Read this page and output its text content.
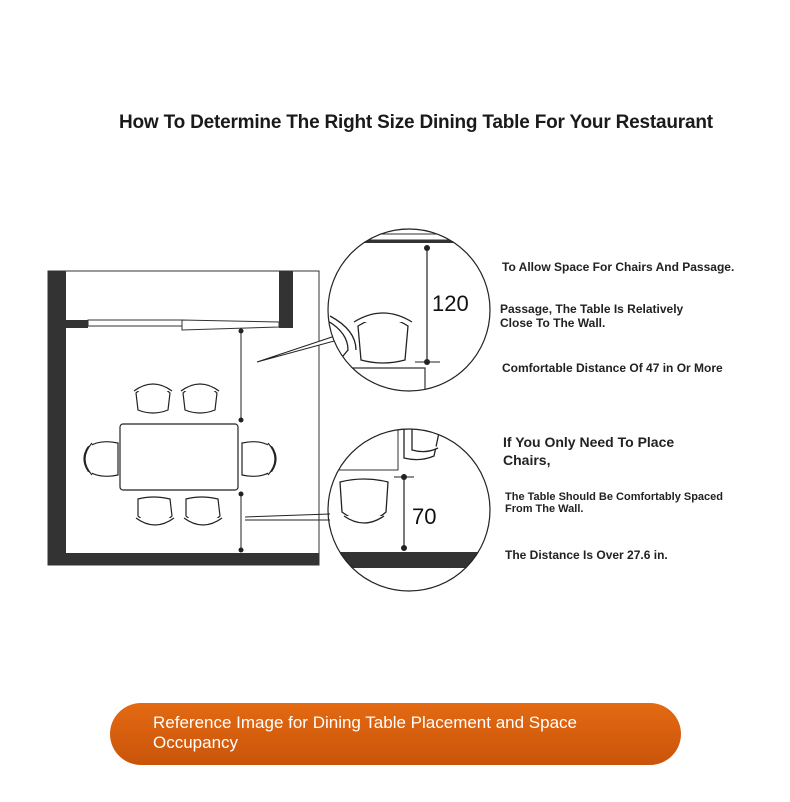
How To Determine The Right Size Dining Table For Your Restaurant
120
70
To Allow Space For Chairs And Passage.
Passage, The Table Is Relatively
Close To The Wall.
Comfortable Distance Of 47 in Or More
If You Only Need To Place
Chairs,
The Table Should Be Comfortably Spaced
From The Wall.
The Distance Is Over 27.6 in.
Reference Image for Dining Table Placement and Space Occupancy
